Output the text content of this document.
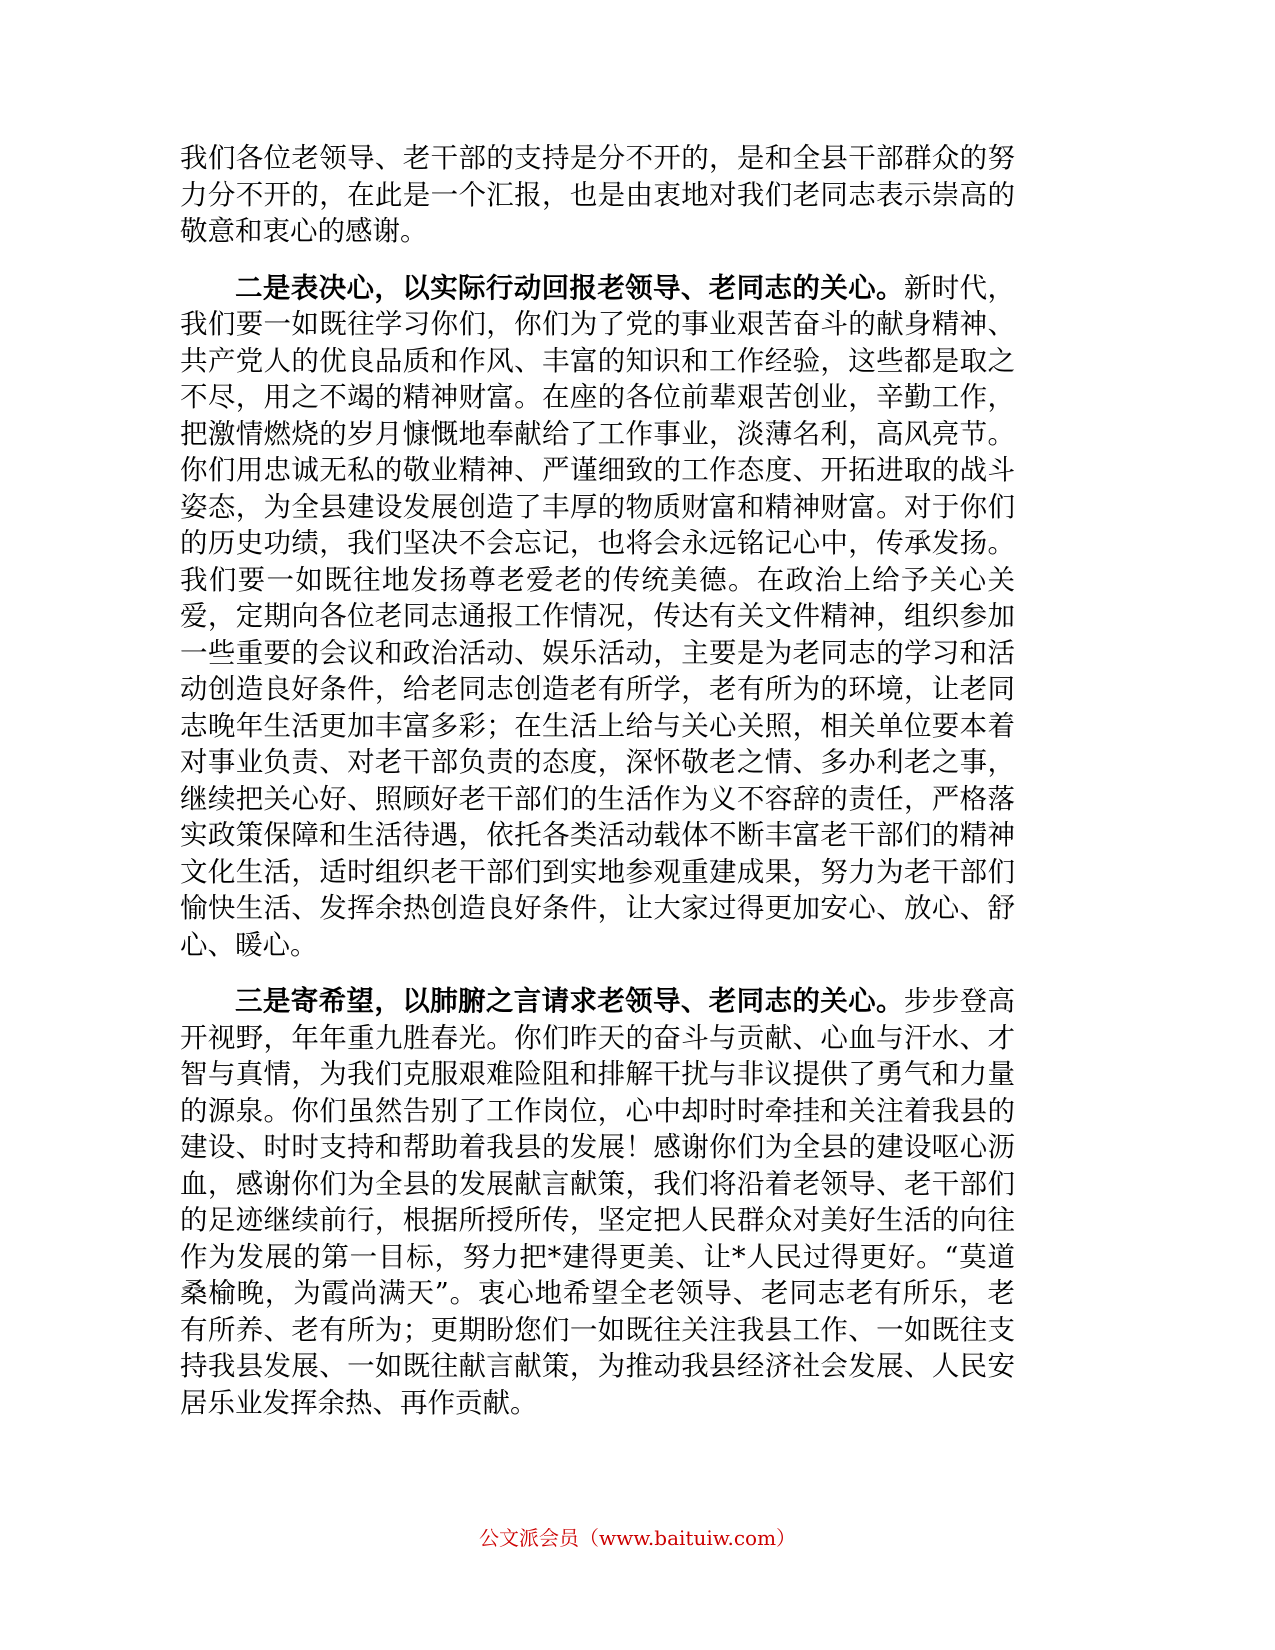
我们各位老领导、老干部的支持是分不开的，是和全县干部群众的努力分不开的，在此是一个汇报，也是由衷地对我们老同志表示崇高的敬意和衷心的感谢。

二是表决心，以实际行动回报老领导、老同志的关心。新时代，我们要一如既往学习你们，你们为了党的事业艰苦奋斗的献身精神、共产党人的优良品质和作风、丰富的知识和工作经验，这些都是取之不尽，用之不竭的精神财富。在座的各位前辈艰苦创业，辛勤工作，把激情燃烧的岁月慷慨地奉献给了工作事业，淡薄名利，高风亮节。你们用忠诚无私的敬业精神、严谨细致的工作态度、开拓进取的战斗姿态，为全县建设发展创造了丰厚的物质财富和精神财富。对于你们的历史功绩，我们坚决不会忘记，也将会永远铭记心中，传承发扬。我们要一如既往地发扬尊老爱老的传统美德。在政治上给予关心关爱，定期向各位老同志通报工作情况，传达有关文件精神，组织参加一些重要的会议和政治活动、娱乐活动，主要是为老同志的学习和活动创造良好条件，给老同志创造老有所学，老有所为的环境，让老同志晚年生活更加丰富多彩；在生活上给与关心关照，相关单位要本着对事业负责、对老干部负责的态度，深怀敬老之情、多办利老之事，继续把关心好、照顾好老干部们的生活作为义不容辞的责任，严格落实政策保障和生活待遇，依托各类活动载体不断丰富老干部们的精神文化生活，适时组织老干部们到实地参观重建成果，努力为老干部们愉快生活、发挥余热创造良好条件，让大家过得更加安心、放心、舒心、暖心。

三是寄希望，以肺腑之言请求老领导、老同志的关心。步步登高开视野，年年重九胜春光。你们昨天的奋斗与贡献、心血与汗水、才智与真情，为我们克服艰难险阻和排解干扰与非议提供了勇气和力量的源泉。你们虽然告别了工作岗位，心中却时时牵挂和关注着我县的建设、时时支持和帮助着我县的发展！感谢你们为全县的建设呕心沥血，感谢你们为全县的发展献言献策，我们将沿着老领导、老干部们的足迹继续前行，根据所授所传，坚定把人民群众对美好生活的向往作为发展的第一目标，努力把*建得更美、让*人民过得更好。“莫道桑榆晚，为霞尚满天”。衷心地希望全老领导、老同志老有所乐，老有所养、老有所为；更期盼您们一如既往关注我县工作、一如既往支持我县发展、一如既往献言献策，为推动我县经济社会发展、人民安居乐业发挥余热、再作贡献。

公文派会员（www.baituiw.com）
